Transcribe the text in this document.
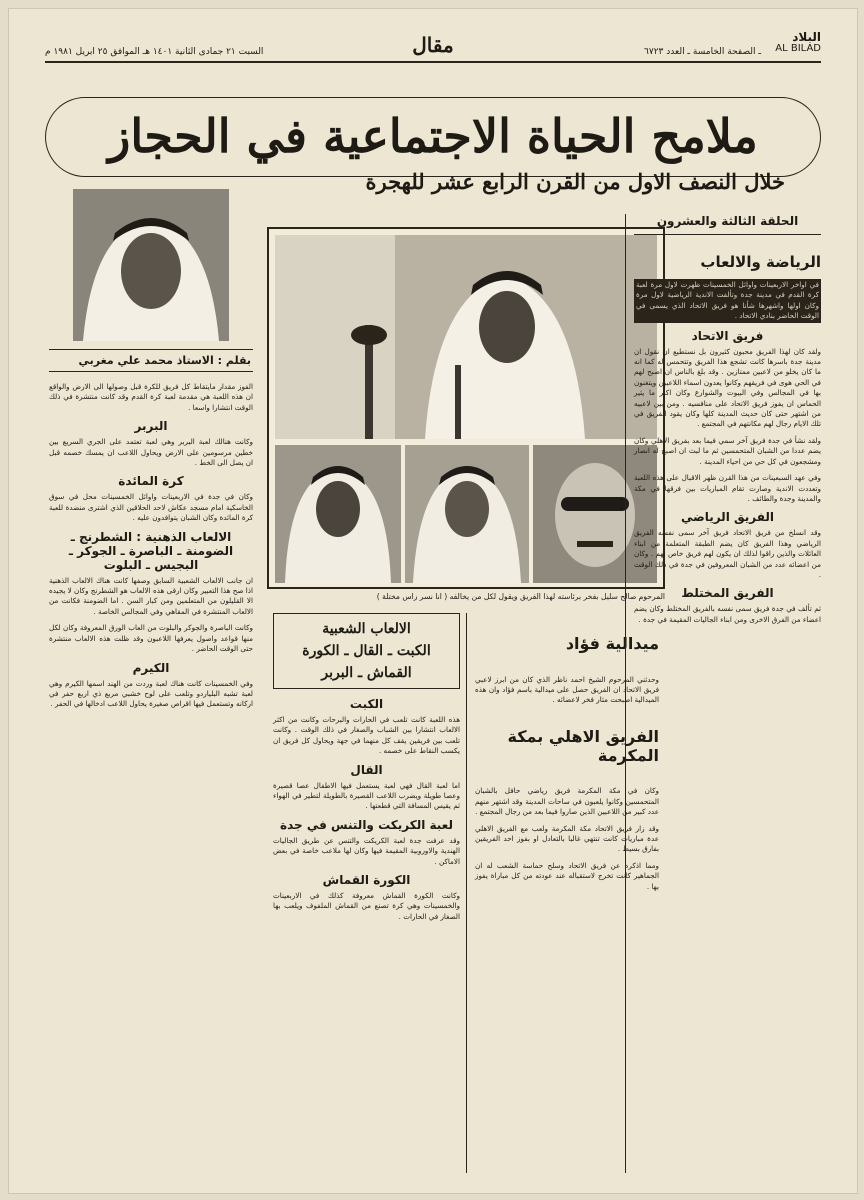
البلاد
AL BILAD
ـ الصفحة الخامسة ـ العدد ٦٧٢٣
مقال
السبت ٢١ جمادى الثانية ١٤٠١ هـ الموافق ٢٥ ابريل ١٩٨١ م
ملامح الحياة الاجتماعية في الحجاز
خلال النصف الاول من القرن الرابع عشر للهجرة
بقلم : الاستاذ محمد علي مغربي

الفوز مقدار مايتقاط كل فريق للكرة قبل وصولها الى الارض والواقع ان هذه اللعبة هي مقدمة لعبة كرة القدم وقد كانت منتشرة في ذلك الوقت انتشارا واسعا .

البربر

وكانت هنالك لعبة البربر وهي لعبة تعتمد على الجري السريع بين خطين مرسومين على الارض ويحاول اللاعب ان يمسك خصمه قبل ان يصل الى الخط .

كرة المائدة

وكان في جدة في الاربعينات واوائل الخمسينات محل في سوق الخاسكية امام مسجد عكاش لاحد الحلاقين الذي اشترى منضدة للعبة كرة المائدة وكان الشبان يتوافدون عليه .

الالعاب الذهنية : الشطرنج ـ الضومنة ـ الباصرة ـ الجوكر ـ البجيس ـ البلوت

ان جانب الالعاب الشعبية السابق وصفها كانت هناك الالعاب الذهنية اذا صح هذا التعبير وكان ارقى هذه الالعاب هو الشطرنج وكان لا يجيده الا القليلون من المتعلمين ومن كبار السن . اما الضومنة فكانت من الالعاب المنتشرة في المقاهي وفي المجالس الخاصة .

وكانت الباصرة والجوكر والبلوت من العاب الورق المعروفة وكان لكل منها قواعد واصول يعرفها اللاعبون وقد ظلت هذه الالعاب منتشرة حتى الوقت الحاضر .

الكيرم

وفي الخمسينات كانت هناك لعبة وردت من الهند اسمها الكيرم وهي لعبة تشبه البلياردو وتلعب على لوح خشبي مربع ذي اربع حفر في اركانه وتستعمل فيها اقراص صغيرة يحاول اللاعب ادخالها في الحفر .

المرحوم صالح سليل بفخر برئاسته لهذا الفريق ويقول لكل من يخالفه ( انا نسر راس مختلة )
الالعاب الشعبية
الكبت ـ القال ـ الكورة
القماش ـ البربر
الكبت

هذه اللعبة كانت تلعب في الحارات والبرحات وكانت من اكثر الالعاب انتشارا بين الشباب والصغار في ذلك الوقت . وكانت تلعب بين فريقين يقف كل منهما في جهة ويحاول كل فريق ان يكسب النقاط على خصمه .

القال

اما لعبة القال فهي لعبة يستعمل فيها الاطفال عصا قصيرة وعصا طويلة ويضرب اللاعب القصيرة بالطويلة لتطير في الهواء ثم يقيس المسافة التي قطعتها .

لعبة الكريكت والتنس في جدة

وقد عرفت جدة لعبة الكريكت والتنس عن طريق الجاليات الهندية والاوروبية المقيمة فيها وكان لها ملاعب خاصة في بعض الاماكن .

الكورة القماش

وكانت الكورة القماش معروفة كذلك في الاربعينات والخمسينات وهي كرة تصنع من القماش الملفوف ويلعب بها الصغار في الحارات .

ميدالية فؤاد

وحدثني المرحوم الشيخ احمد ناظر الذي كان من ابرز لاعبي فريق الاتحاد ان الفريق حصل على ميدالية باسم فؤاد وان هذه الميدالية اصبحت مثار فخر لاعضائه .

الفريق الاهلي بمكة المكرمة

وكان في مكة المكرمة فريق رياضي حافل بالشبان المتحمسين وكانوا يلعبون في ساحات المدينة وقد اشتهر منهم عدد كبير من اللاعبين الذين صاروا فيما بعد من رجال المجتمع .

وقد زار فريق الاتحاد مكة المكرمة ولعب مع الفريق الاهلي عدة مباريات كانت تنتهي غالبا بالتعادل او بفوز احد الفريقين بفارق بسيط .

ومما اذكره عن فريق الاتحاد وسلح حماسة الشعب له ان الجماهير كانت تخرج لاستقباله عند عودته من كل مباراة يفوز بها .

الحلقة الثالثة والعشرون
الرياضة والالعاب

في اواخر الاربعينات واوائل الخمسينات ظهرت لاول مرة لعبة كرة القدم في مدينة جدة وتألفت الاندية الرياضية لاول مرة وكان اولها واشهرها شأنا هو فريق الاتحاد الذي يسمى في الوقت الحاضر بنادي الاتحاد .

فريق الاتحاد

ولقد كان لهذا الفريق محبون كثيرون بل نستطيع ان نقول ان مدينة جدة باسرها كانت تشجع هذا الفريق وتتحمس له كما انه ما كان يخلو من لاعبين ممتازين . وقد بلغ بالناس ان اصبح لهم في الحي هوى في فريقهم وكانوا يعدون اسماء اللاعبين ويتغنون بها في المجالس وفي البيوت والشوارع وكان اكبر ما يثير الحماس ان يفوز فريق الاتحاد على منافسيه . ومن بين لاعبيه من اشتهر حتى كان حديث المدينة كلها وكان يقود الفريق في تلك الايام رجال لهم مكانتهم في المجتمع .

ولقد نشأ في جدة فريق آخر سمي فيما بعد بفريق الاهلي وكان يضم عددا من الشبان المتحمسين ثم ما لبث ان اصبح له انصار ومشجعون في كل حي من احياء المدينة .

وفي عهد السبعينات من هذا القرن ظهر الاقبال على هذه اللعبة وتعددت الاندية وصارت تقام المباريات بين فرقها في مكة والمدينة وجدة والطائف .

الفريق الرياضي

وقد انسلخ من فريق الاتحاد فريق آخر سمى نفسه الفريق الرياضي وهذا الفريق كان يضم الطبقة المتعلمة من ابناء العائلات والذين راقوا لذلك ان يكون لهم فريق خاص بهم . وكان من اعضائه عدد من الشبان المعروفين في جدة في ذلك الوقت .

الفريق المختلط

ثم تألف في جدة فريق سمى نفسه بالفريق المختلط وكان يضم اعضاء من الفرق الاخرى ومن ابناء الجاليات المقيمة في جدة .
